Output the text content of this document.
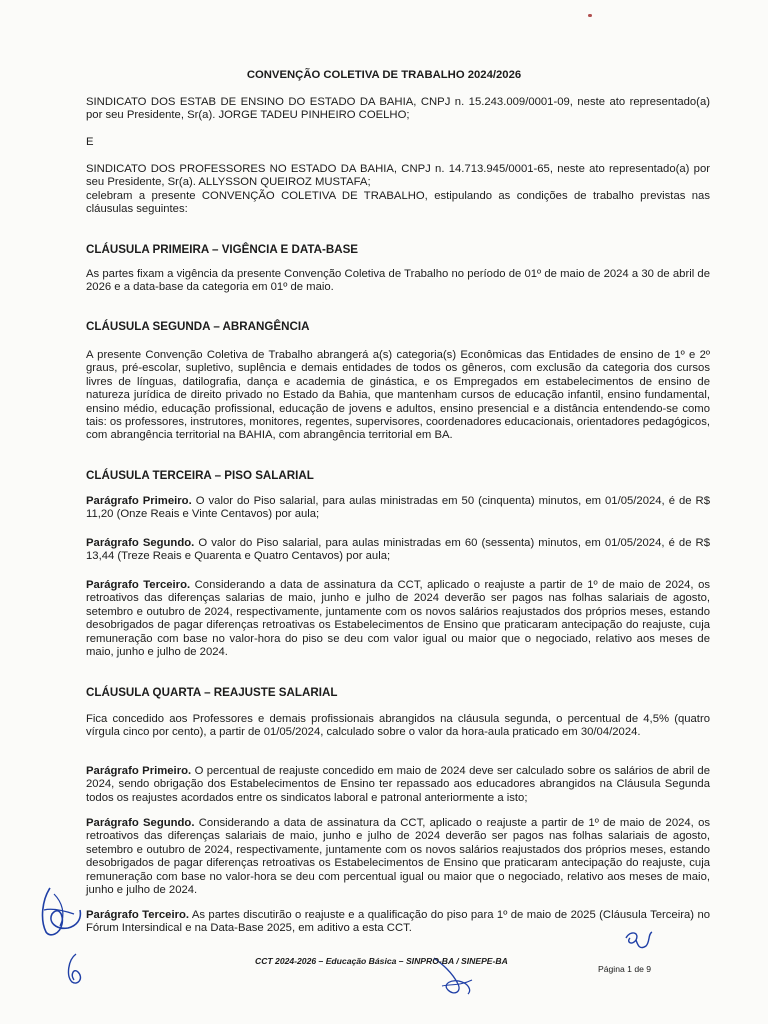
CONVENÇÃO COLETIVA DE TRABALHO 2024/2026
SINDICATO DOS ESTAB DE ENSINO DO ESTADO DA BAHIA, CNPJ n. 15.243.009/0001-09, neste ato representado(a) por seu Presidente, Sr(a). JORGE TADEU PINHEIRO COELHO;
E
SINDICATO DOS PROFESSORES NO ESTADO DA BAHIA, CNPJ n. 14.713.945/0001-65, neste ato representado(a) por seu Presidente, Sr(a). ALLYSSON QUEIROZ MUSTAFA;
celebram a presente CONVENÇÃO COLETIVA DE TRABALHO, estipulando as condições de trabalho previstas nas cláusulas seguintes:
CLÁUSULA PRIMEIRA – VIGÊNCIA E DATA-BASE
As partes fixam a vigência da presente Convenção Coletiva de Trabalho no período de 01º de maio de 2024 a 30 de abril de 2026 e a data-base da categoria em 01º de maio.
CLÁUSULA SEGUNDA – ABRANGÊNCIA
A presente Convenção Coletiva de Trabalho abrangerá a(s) categoria(s) Econômicas das Entidades de ensino de 1º e 2º graus, pré-escolar, supletivo, suplência e demais entidades de todos os gêneros, com exclusão da categoria dos cursos livres de línguas, datilografia, dança e academia de ginástica, e os Empregados em estabelecimentos de ensino de natureza jurídica de direito privado no Estado da Bahia, que mantenham cursos de educação infantil, ensino fundamental, ensino médio, educação profissional, educação de jovens e adultos, ensino presencial e a distância entendendo-se como tais: os professores, instrutores, monitores, regentes, supervisores, coordenadores educacionais, orientadores pedagógicos, com abrangência territorial na BAHIA, com abrangência territorial em BA.
CLÁUSULA TERCEIRA – PISO SALARIAL
Parágrafo Primeiro. O valor do Piso salarial, para aulas ministradas em 50 (cinquenta) minutos, em 01/05/2024, é de R$ 11,20 (Onze Reais e Vinte Centavos) por aula;
Parágrafo Segundo. O valor do Piso salarial, para aulas ministradas em 60 (sessenta) minutos, em 01/05/2024, é de R$ 13,44 (Treze Reais e Quarenta e Quatro Centavos) por aula;
Parágrafo Terceiro. Considerando a data de assinatura da CCT, aplicado o reajuste a partir de 1º de maio de 2024, os retroativos das diferenças salarias de maio, junho e julho de 2024 deverão ser pagos nas folhas salariais de agosto, setembro e outubro de 2024, respectivamente, juntamente com os novos salários reajustados dos próprios meses, estando desobrigados de pagar diferenças retroativas os Estabelecimentos de Ensino que praticaram antecipação do reajuste, cuja remuneração com base no valor-hora do piso se deu com valor igual ou maior que o negociado, relativo aos meses de maio, junho e julho de 2024.
CLÁUSULA QUARTA – REAJUSTE SALARIAL
Fica concedido aos Professores e demais profissionais abrangidos na cláusula segunda, o percentual de 4,5% (quatro vírgula cinco por cento), a partir de 01/05/2024, calculado sobre o valor da hora-aula praticado em 30/04/2024.
Parágrafo Primeiro. O percentual de reajuste concedido em maio de 2024 deve ser calculado sobre os salários de abril de 2024, sendo obrigação dos Estabelecimentos de Ensino ter repassado aos educadores abrangidos na Cláusula Segunda todos os reajustes acordados entre os sindicatos laboral e patronal anteriormente a isto;
Parágrafo Segundo. Considerando a data de assinatura da CCT, aplicado o reajuste a partir de 1º de maio de 2024, os retroativos das diferenças salariais de maio, junho e julho de 2024 deverão ser pagos nas folhas salariais de agosto, setembro e outubro de 2024, respectivamente, juntamente com os novos salários reajustados dos próprios meses, estando desobrigados de pagar diferenças retroativas os Estabelecimentos de Ensino que praticaram antecipação do reajuste, cuja remuneração com base no valor-hora se deu com percentual igual ou maior que o negociado, relativo aos meses de maio, junho e julho de 2024.
Parágrafo Terceiro. As partes discutirão o reajuste e a qualificação do piso para 1º de maio de 2025 (Cláusula Terceira) no Fórum Intersindical e na Data-Base 2025, em aditivo a esta CCT.
CCT 2024-2026 – Educação Básica – SINPRO-BA / SINEPE-BA
Página 1 de 9
